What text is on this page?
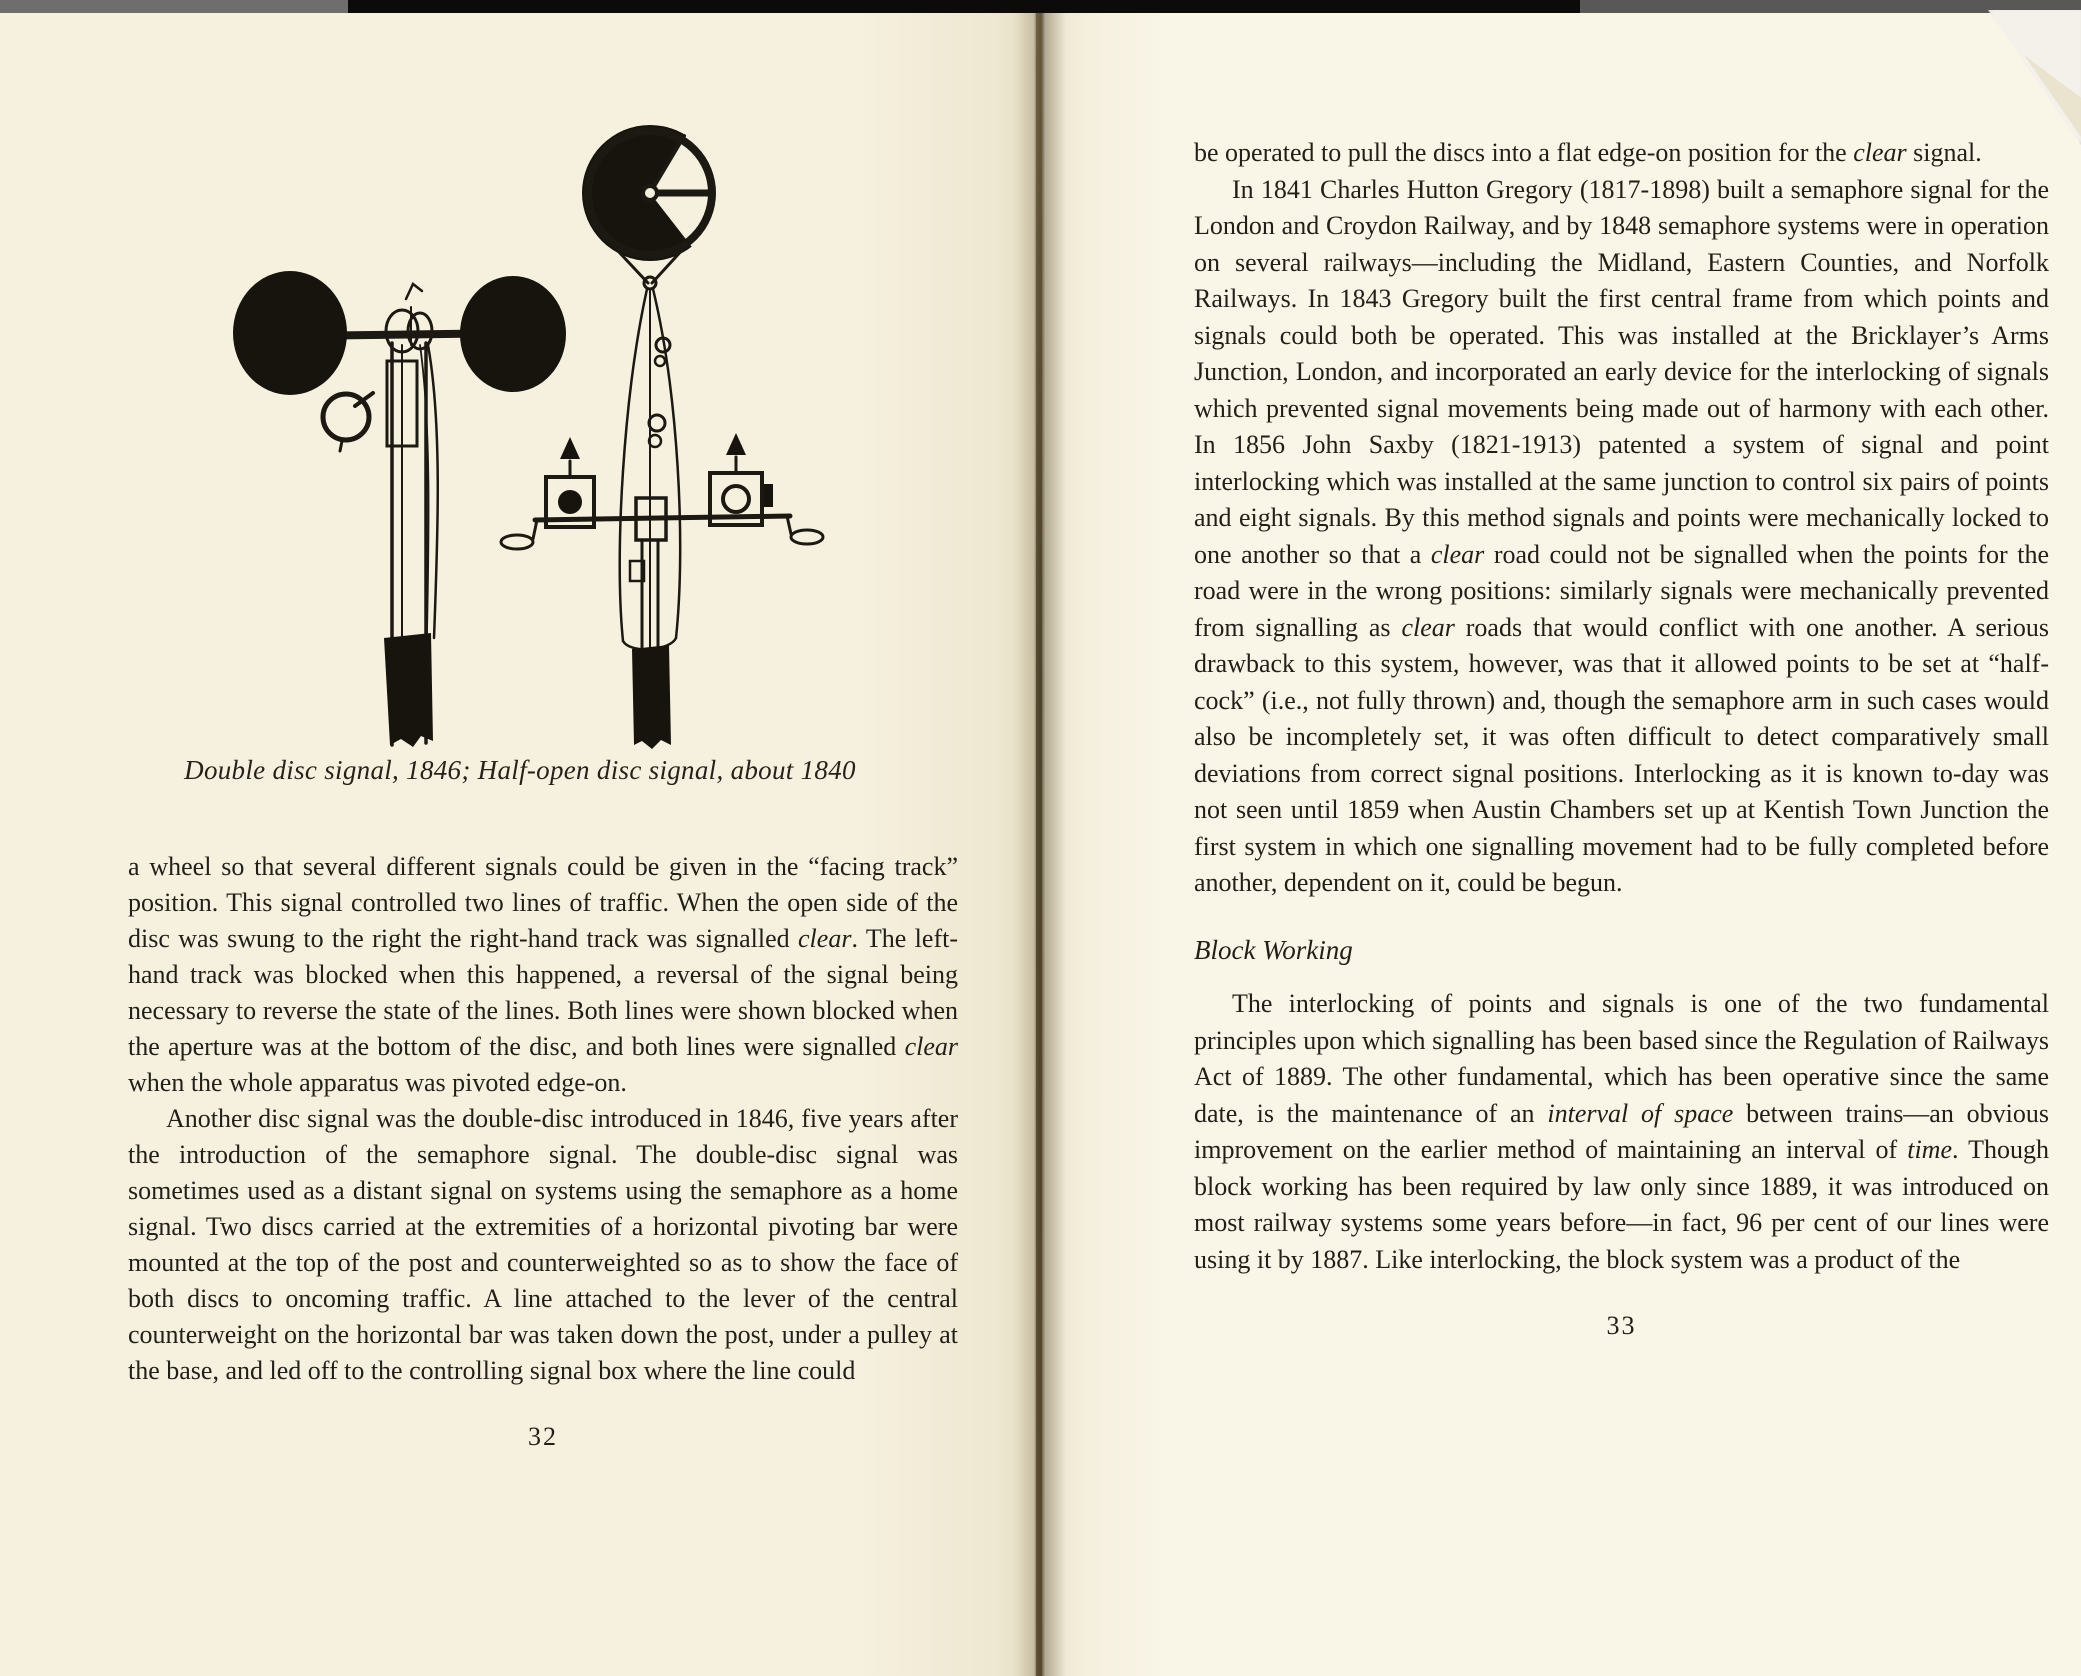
Double disc signal, 1846; Half-open disc signal, about 1840

a wheel so that several different signals could be given in the “facing track” position. This signal controlled two lines of traffic. When the open side of the disc was swung to the right the right-hand track was signalled clear. The left-hand track was blocked when this happened, a reversal of the signal being necessary to reverse the state of the lines. Both lines were shown blocked when the aperture was at the bottom of the disc, and both lines were signalled clear when the whole apparatus was pivoted edge-on.

Another disc signal was the double-disc introduced in 1846, five years after the introduction of the semaphore signal. The double-disc signal was sometimes used as a distant signal on systems using the semaphore as a home signal. Two discs carried at the extremities of a horizontal pivoting bar were mounted at the top of the post and counterweighted so as to show the face of both discs to oncoming traffic. A line attached to the lever of the central counterweight on the horizontal bar was taken down the post, under a pulley at the base, and led off to the controlling signal box where the line could

32

be operated to pull the discs into a flat edge-on position for the clear signal.

In 1841 Charles Hutton Gregory (1817-1898) built a semaphore signal for the London and Croydon Railway, and by 1848 semaphore systems were in operation on several railways—including the Midland, Eastern Counties, and Norfolk Railways. In 1843 Gregory built the first central frame from which points and signals could both be operated. This was installed at the Bricklayer’s Arms Junction, London, and incorporated an early device for the interlocking of signals which prevented signal movements being made out of harmony with each other. In 1856 John Saxby (1821-1913) patented a system of signal and point interlocking which was installed at the same junction to control six pairs of points and eight signals. By this method signals and points were mechanically locked to one another so that a clear road could not be signalled when the points for the road were in the wrong positions: similarly signals were mechanically prevented from signalling as clear roads that would conflict with one another. A serious drawback to this system, however, was that it allowed points to be set at “half-cock” (i.e., not fully thrown) and, though the semaphore arm in such cases would also be incompletely set, it was often difficult to detect comparatively small deviations from correct signal positions. Interlocking as it is known to-day was not seen until 1859 when Austin Chambers set up at Kentish Town Junction the first system in which one signalling movement had to be fully completed before another, dependent on it, could be begun.

Block Working

The interlocking of points and signals is one of the two fundamental principles upon which signalling has been based since the Regulation of Railways Act of 1889. The other fundamental, which has been operative since the same date, is the maintenance of an interval of space between trains—an obvious improvement on the earlier method of maintaining an interval of time. Though block working has been required by law only since 1889, it was introduced on most railway systems some years before—in fact, 96 per cent of our lines were using it by 1887. Like interlocking, the block system was a product of the

33
